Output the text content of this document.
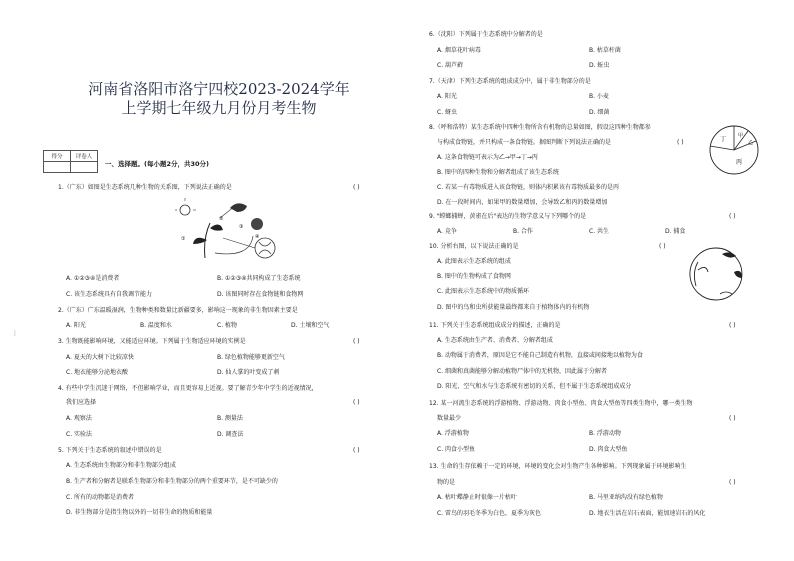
⋮
河南省洛阳市洛宁四校2023-2024学年
上学期七年级九月份月考生物
得分	评卷人

一、选择题。(每小题2分，共30分)
1.（广东）如图是生态系统几种生物的关系图，下列说法正确的是	( )
①
②
③
④
A. ①②③④是消费者	B. ①②③④共同构成了生态系统
C. 该生态系统具有自我调节能力	D. 该图同时存在食物链和食物网
2.（广东）广东温暖湿润，生物种类和数量比新疆要多，影响这一现象的非生物因素主要是
A. 阳光	B. 温度和水	C. 植物	D. 土壤和空气
3. 生物既能影响环境，又能适应环境。下列属于生物适应环境的实例是	( )
A. 夏天的大树下比较凉快	B. 绿色植物能够更新空气
C. 地衣能够分泌地衣酸	D. 仙人掌的叶变成了刺
4. 有些中学生沉迷于网络，不但影响学业，而且更容易上近视。要了解青少年中学生的近视情况，
我们应选择	( )
A. 观察法	B. 测量法
C. 实验法	D. 调查法
5. 下列关于生态系统的叙述中错误的是	( )
A. 生态系统由生物部分和非生物部分组成
B. 生产者和分解者是联系生物部分和非生物部分的两个重要环节，是不可缺少的
C. 所有的动物都是消费者
D. 非生物部分是指生物以外的一切非生命的物质和能量
6.（沈阳）下列属于生态系统中分解者的是
A. 烟草花叶病毒	B. 枯草杆菌
C. 葫芦藓	D. 蚯虫
7.（天津）下列生态系统的组成成分中，属于非生物部分的是
A. 阳光	B. 小麦
C. 蚜虫	D. 细菌
8.（呼和浩特）某生态系统中四种生物所含有机物的总量如图，假设这四种生物都参
与构成食物链，并只构成一条食物链。据图判断下列说法正确的是	( )	丁 甲
乙
丙
A. 这条食物链可表示为乙→甲→丁→丙
B. 图中的四种生物和分解者组成了该生态系统
C. 若某一有毒物质进入该食物链，则体内积累该有毒物质最多的是丙
D. 在一段时间内，如果甲的数量增加，会导致乙和丙的数量增加
9. "螳螂捕蝉，黄雀在后"表达的生物学意义与下列哪个的是	( )
A. 竞争	B. 合作	C. 共生	D. 捕食
10. 分析右图，以下说法正确的是	( )
A. 此图表示生态系统的组成
B. 图中的生物构成了食物网
C. 此图表示生态系统中的物质循环
D. 图中的鸟和虫所获能量最终都来自于植物体内的有机物
11. 下列关于生态系统组成成分的描述，正确的是	( )
A. 生态系统由生产者、消费者、分解者组成
B. 动物属于消费者，原因是它不能自己制造有机物，直接或间接地以植物为食
C. 细菌和真菌能够分解动植物尸体中的无机物，因此属于分解者
D. 阳光、空气和水与生态系统有密切的关系，但不属于生态系统组成成分
12. 某一河流生态系统的浮游植物、浮游动物、肉食小型鱼、肉食大型鱼等四类生物中，哪一类生物
数量最少	( )
A. 浮游植物	B. 浮游动物
C. 肉食小型鱼	D. 肉食大型鱼
13. 生命的生存依赖于一定的环境，环境的变化会对生物产生各种影响。下列现象属于环境影响生
物的是	( )
A. 枯叶蝶静止时很像一片枯叶	B. 马里亚纳沟没有绿色植物
C. 雷鸟的羽毛冬季为白色，夏季为灰色	D. 地衣生活在岩石表面，能加速岩石的风化
